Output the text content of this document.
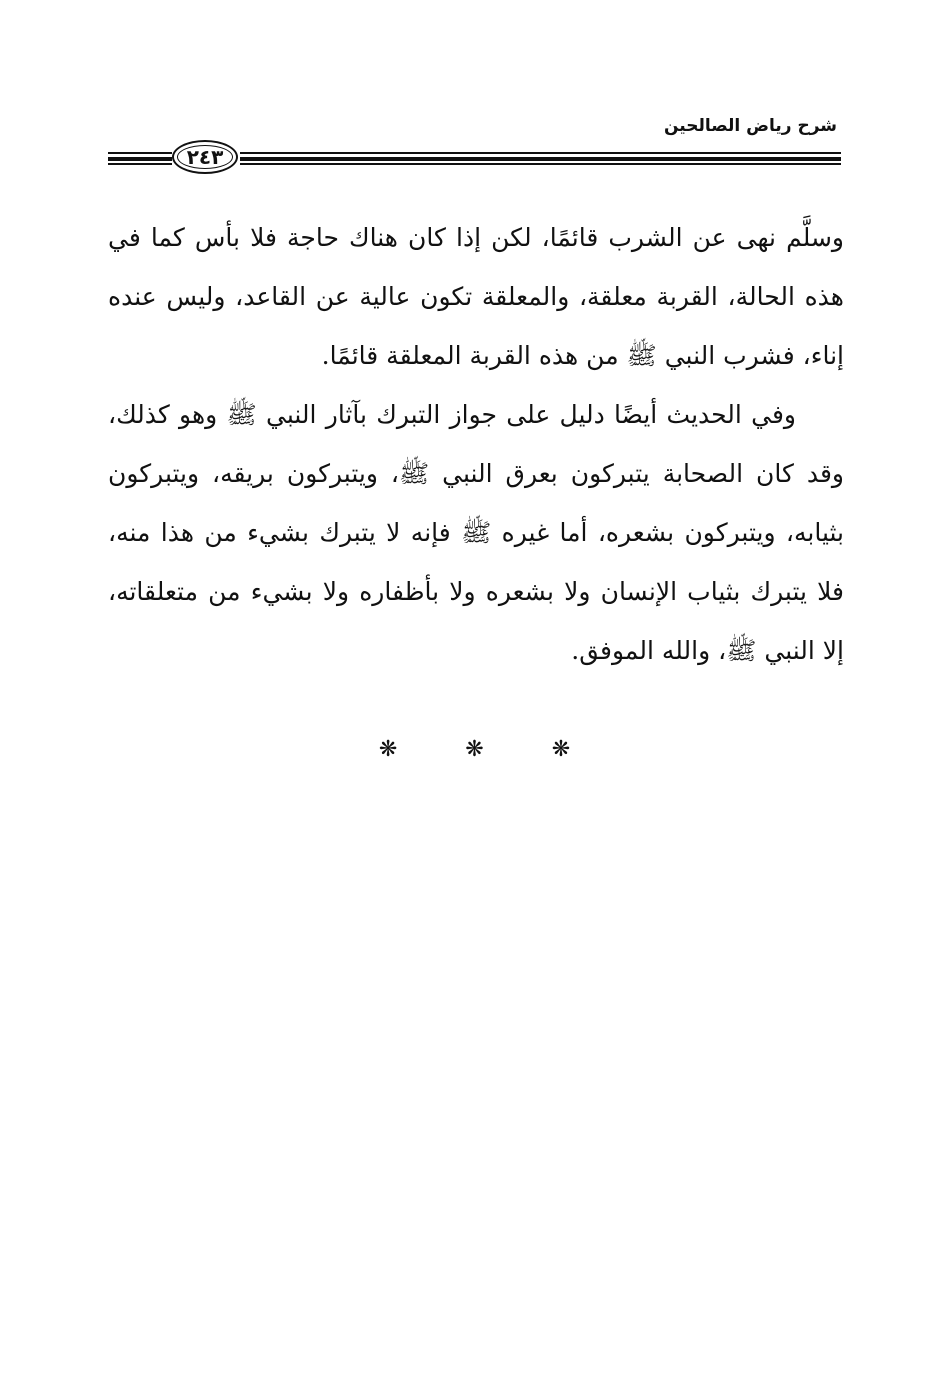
شرح رياض الصالحين
٢٤٣

وسلَّم نهى عن الشرب قائمًا، لكن إذا كان هناك حاجة فلا بأس كما في هذه الحالة، القربة معلقة، والمعلقة تكون عالية عن القاعد، وليس عنده إناء، فشرب النبي ﷺ من هذه القربة المعلقة قائمًا.

وفي الحديث أيضًا دليل على جواز التبرك بآثار النبي ﷺ وهو كذلك، وقد كان الصحابة يتبركون بعرق النبي ﷺ، ويتبركون بريقه، ويتبركون بثيابه، ويتبركون بشعره، أما غيره ﷺ فإنه لا يتبرك بشيء من هذا منه، فلا يتبرك بثياب الإنسان ولا بشعره ولا بأظفاره ولا بشيء من متعلقاته، إلا النبي ﷺ، والله الموفق.

❋	❋	❋
